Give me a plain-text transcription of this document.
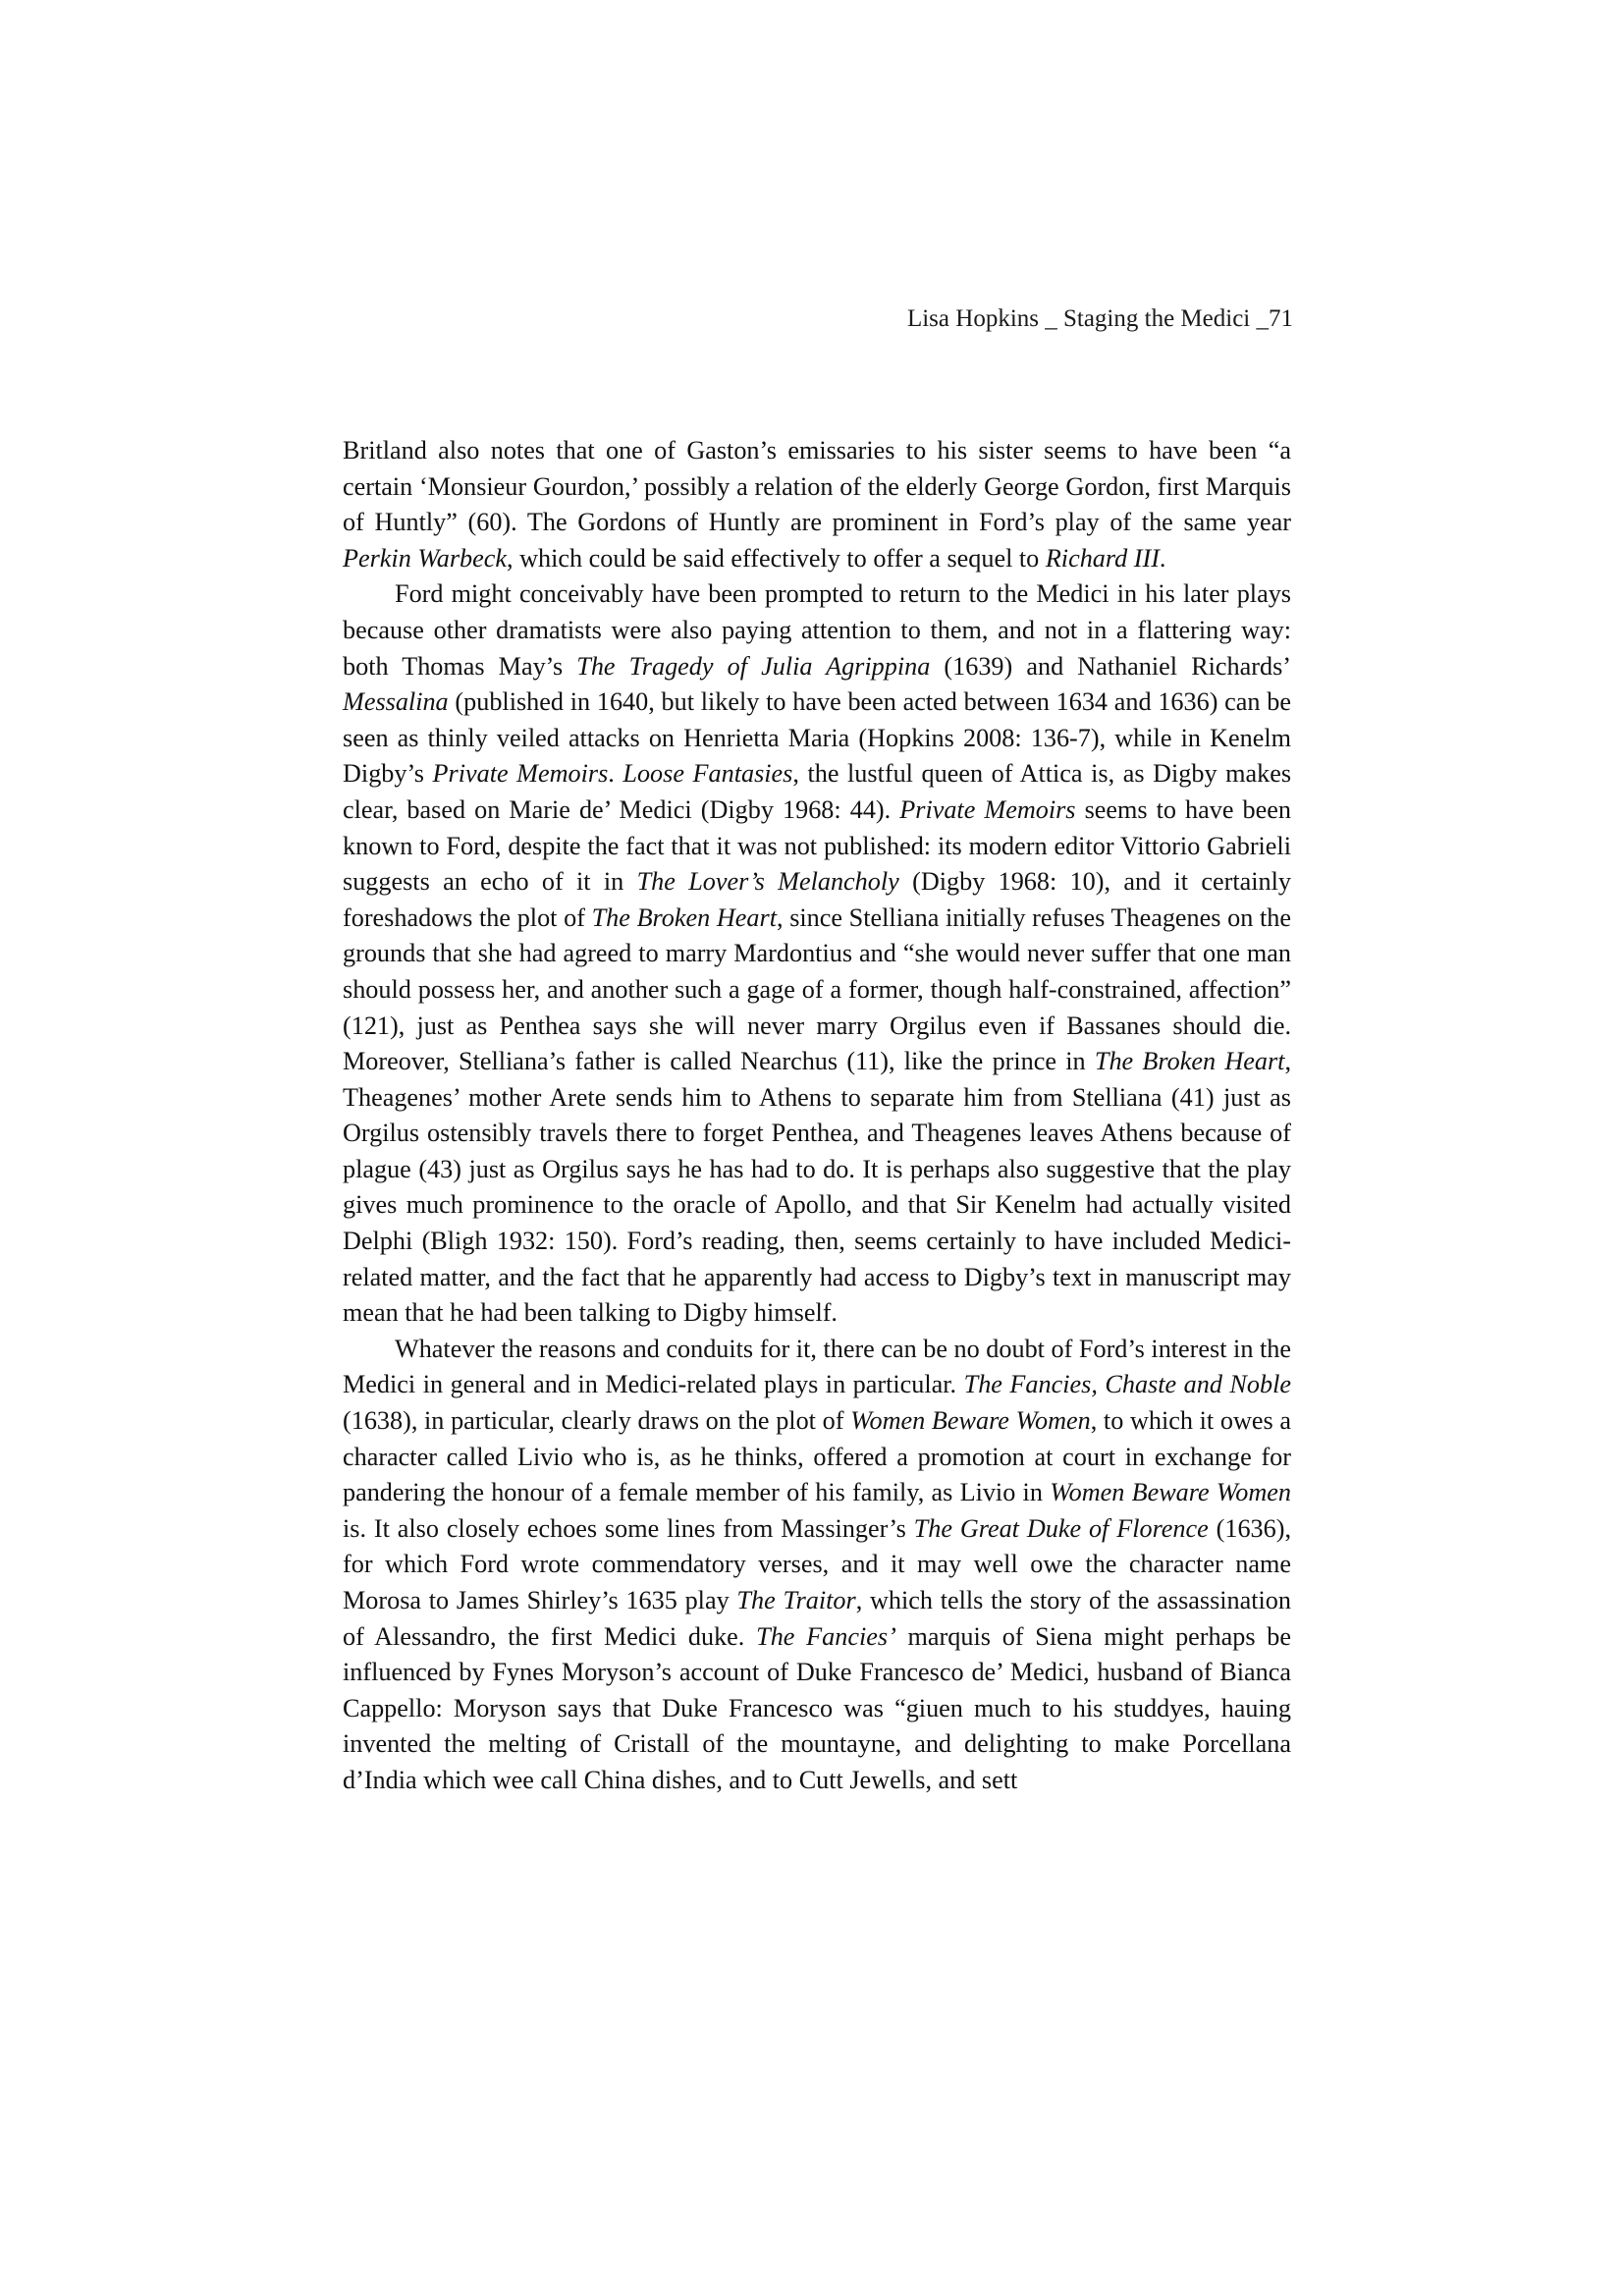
Lisa Hopkins _ Staging the Medici _71

Britland also notes that one of Gaston’s emissaries to his sister seems to have been “a certain ‘Monsieur Gourdon,’ possibly a relation of the elderly George Gordon, first Marquis of Huntly” (60). The Gordons of Huntly are prominent in Ford’s play of the same year Perkin Warbeck, which could be said effectively to offer a sequel to Richard III.

Ford might conceivably have been prompted to return to the Medici in his later plays because other dramatists were also paying attention to them, and not in a flattering way: both Thomas May’s The Tragedy of Julia Agrippina (1639) and Nathaniel Richards’ Messalina (published in 1640, but likely to have been acted between 1634 and 1636) can be seen as thinly veiled attacks on Henrietta Maria (Hopkins 2008: 136-7), while in Kenelm Digby’s Private Memoirs. Loose Fantasies, the lustful queen of Attica is, as Digby makes clear, based on Marie de’ Medici (Digby 1968: 44). Private Memoirs seems to have been known to Ford, despite the fact that it was not published: its modern editor Vittorio Gabrieli suggests an echo of it in The Lover’s Melancholy (Digby 1968: 10), and it certainly foreshadows the plot of The Broken Heart, since Stelliana initially refuses Theagenes on the grounds that she had agreed to marry Mardontius and “she would never suffer that one man should possess her, and another such a gage of a former, though half-constrained, affection” (121), just as Penthea says she will never marry Orgilus even if Bassanes should die. Moreover, Stelliana’s father is called Nearchus (11), like the prince in The Broken Heart, Theagenes’ mother Arete sends him to Athens to separate him from Stelliana (41) just as Orgilus ostensibly travels there to forget Penthea, and Theagenes leaves Athens because of plague (43) just as Orgilus says he has had to do. It is perhaps also suggestive that the play gives much prominence to the oracle of Apollo, and that Sir Kenelm had actually visited Delphi (Bligh 1932: 150). Ford’s reading, then, seems certainly to have included Medici-related matter, and the fact that he apparently had access to Digby’s text in manuscript may mean that he had been talking to Digby himself.

Whatever the reasons and conduits for it, there can be no doubt of Ford’s interest in the Medici in general and in Medici-related plays in particular. The Fancies, Chaste and Noble (1638), in particular, clearly draws on the plot of Women Beware Women, to which it owes a character called Livio who is, as he thinks, offered a promotion at court in exchange for pandering the honour of a female member of his family, as Livio in Women Beware Women is. It also closely echoes some lines from Massinger’s The Great Duke of Florence (1636), for which Ford wrote commendatory verses, and it may well owe the character name Morosa to James Shirley’s 1635 play The Traitor, which tells the story of the assassination of Alessandro, the first Medici duke. The Fancies’ marquis of Siena might perhaps be influenced by Fynes Moryson’s account of Duke Francesco de’ Medici, husband of Bianca Cappello: Moryson says that Duke Francesco was “giuen much to his studdyes, hauing invented the melting of Cristall of the mountayne, and delighting to make Porcellana d’India which wee call China dishes, and to Cutt Jewells, and sett
